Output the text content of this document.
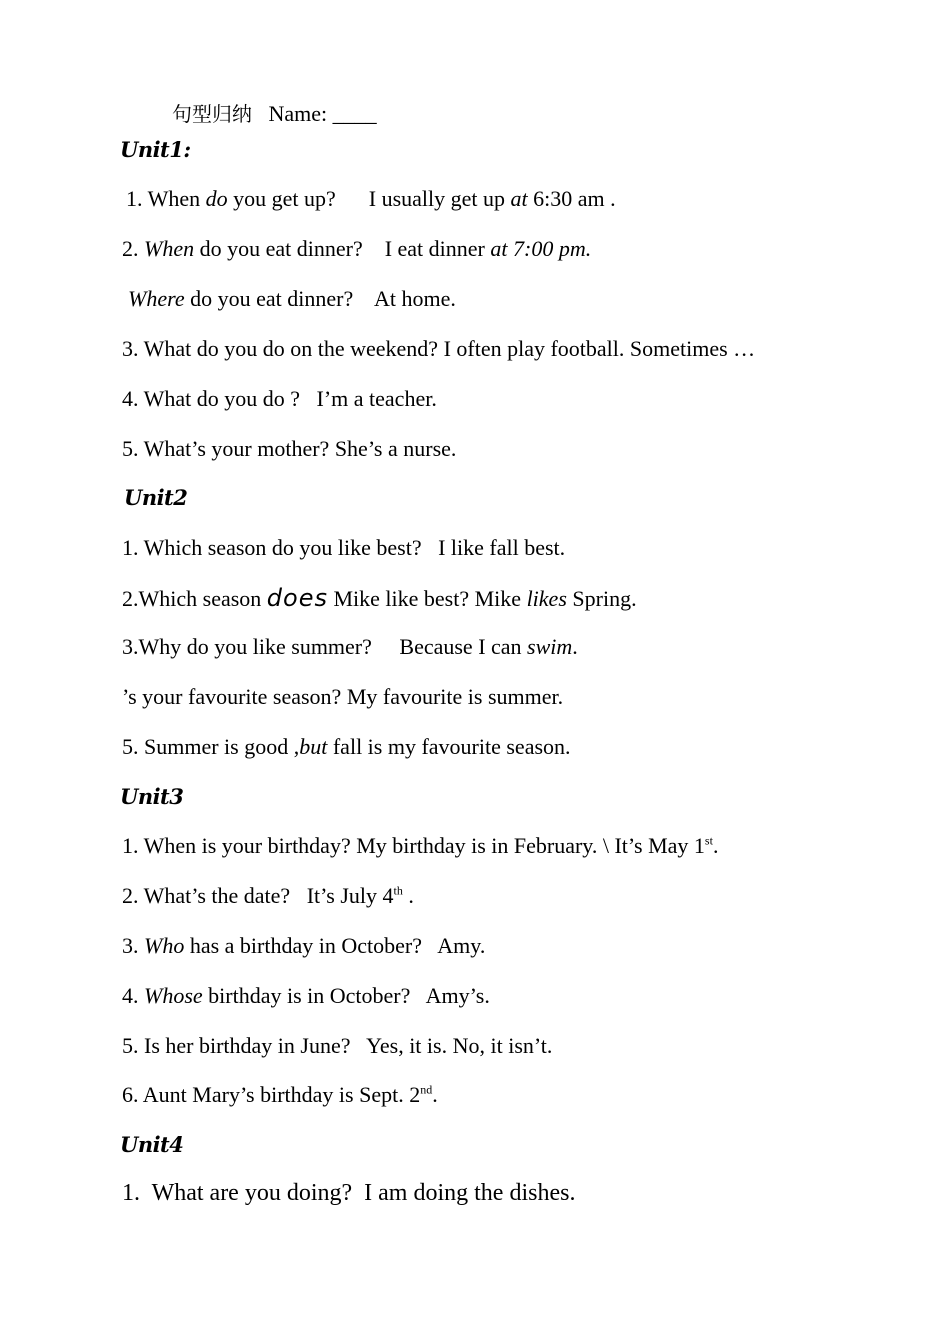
句型归纳 Name: ____
Unit1:
1. When do you get up?      I usually get up at 6:30 am .
2. When do you eat dinner?    I eat dinner at 7:00 pm.
Where do you eat dinner?    At home.
3. What do you do on the weekend? I often play football. Sometimes …
4. What do you do ?   I’m a teacher.
5. What’s your mother? She’s a nurse.
Unit2
1. Which season do you like best?   I like fall best.
2.Which season does Mike like best? Mike likes Spring.
3.Why do you like summer?     Because I can swim.
’s your favourite season? My favourite is summer.
5. Summer is good ,but fall is my favourite season.
Unit3
1. When is your birthday? My birthday is in February. \ It’s May 1st.
2. What’s the date?   It’s July 4th .
3. Who has a birthday in October?   Amy.
4. Whose birthday is in October?   Amy’s.
5. Is her birthday in June?   Yes, it is. No, it isn’t.
6. Aunt Mary’s birthday is Sept. 2nd.
Unit4
1.  What are you doing?  I am doing the dishes.
